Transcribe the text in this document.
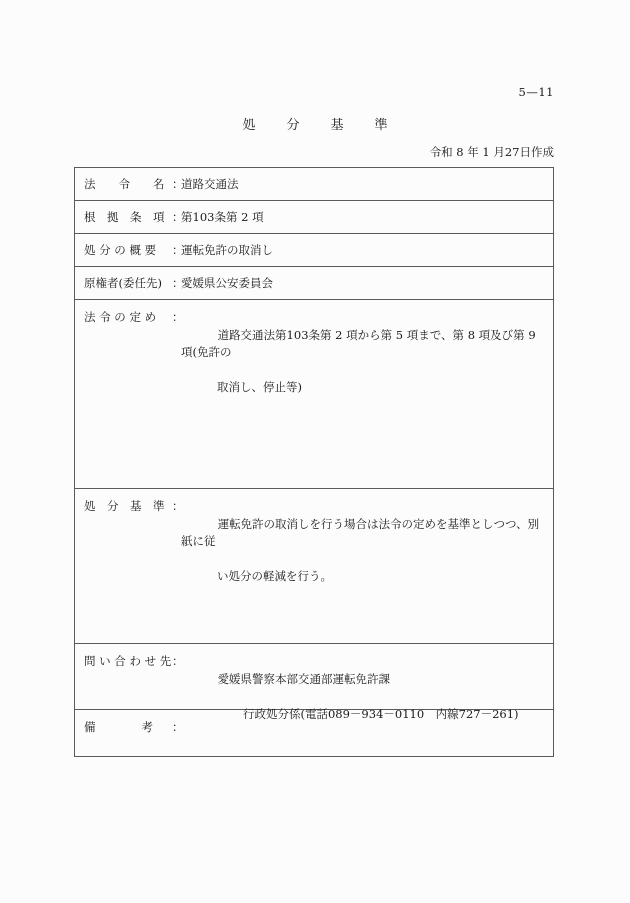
5—11
処　分　基　準
令和 8 年 1 月27日作成
法　　令　　名 ：
道路交通法
根　拠　条　項 ：
第103条第 2 項
処 分 の 概 要	：
運転免許の取消し
原権者(委任先) ：
愛媛県公安委員会
法 令 の 定 め	：

道路交通法第103条第 2 項から第 5 項まで、第 8 項及び第 9 項(免許の

取消し、停止等)

処　分　基　準 ：

運転免許の取消しを行う場合は法令の定めを基準としつつ、別紙に従

い処分の軽減を行う。

問 い 合 わ せ 先 ：

愛媛県警察本部交通部運転免許課

行政処分係(電話089－934－0110　内線727－261)

備　　　　考	：
